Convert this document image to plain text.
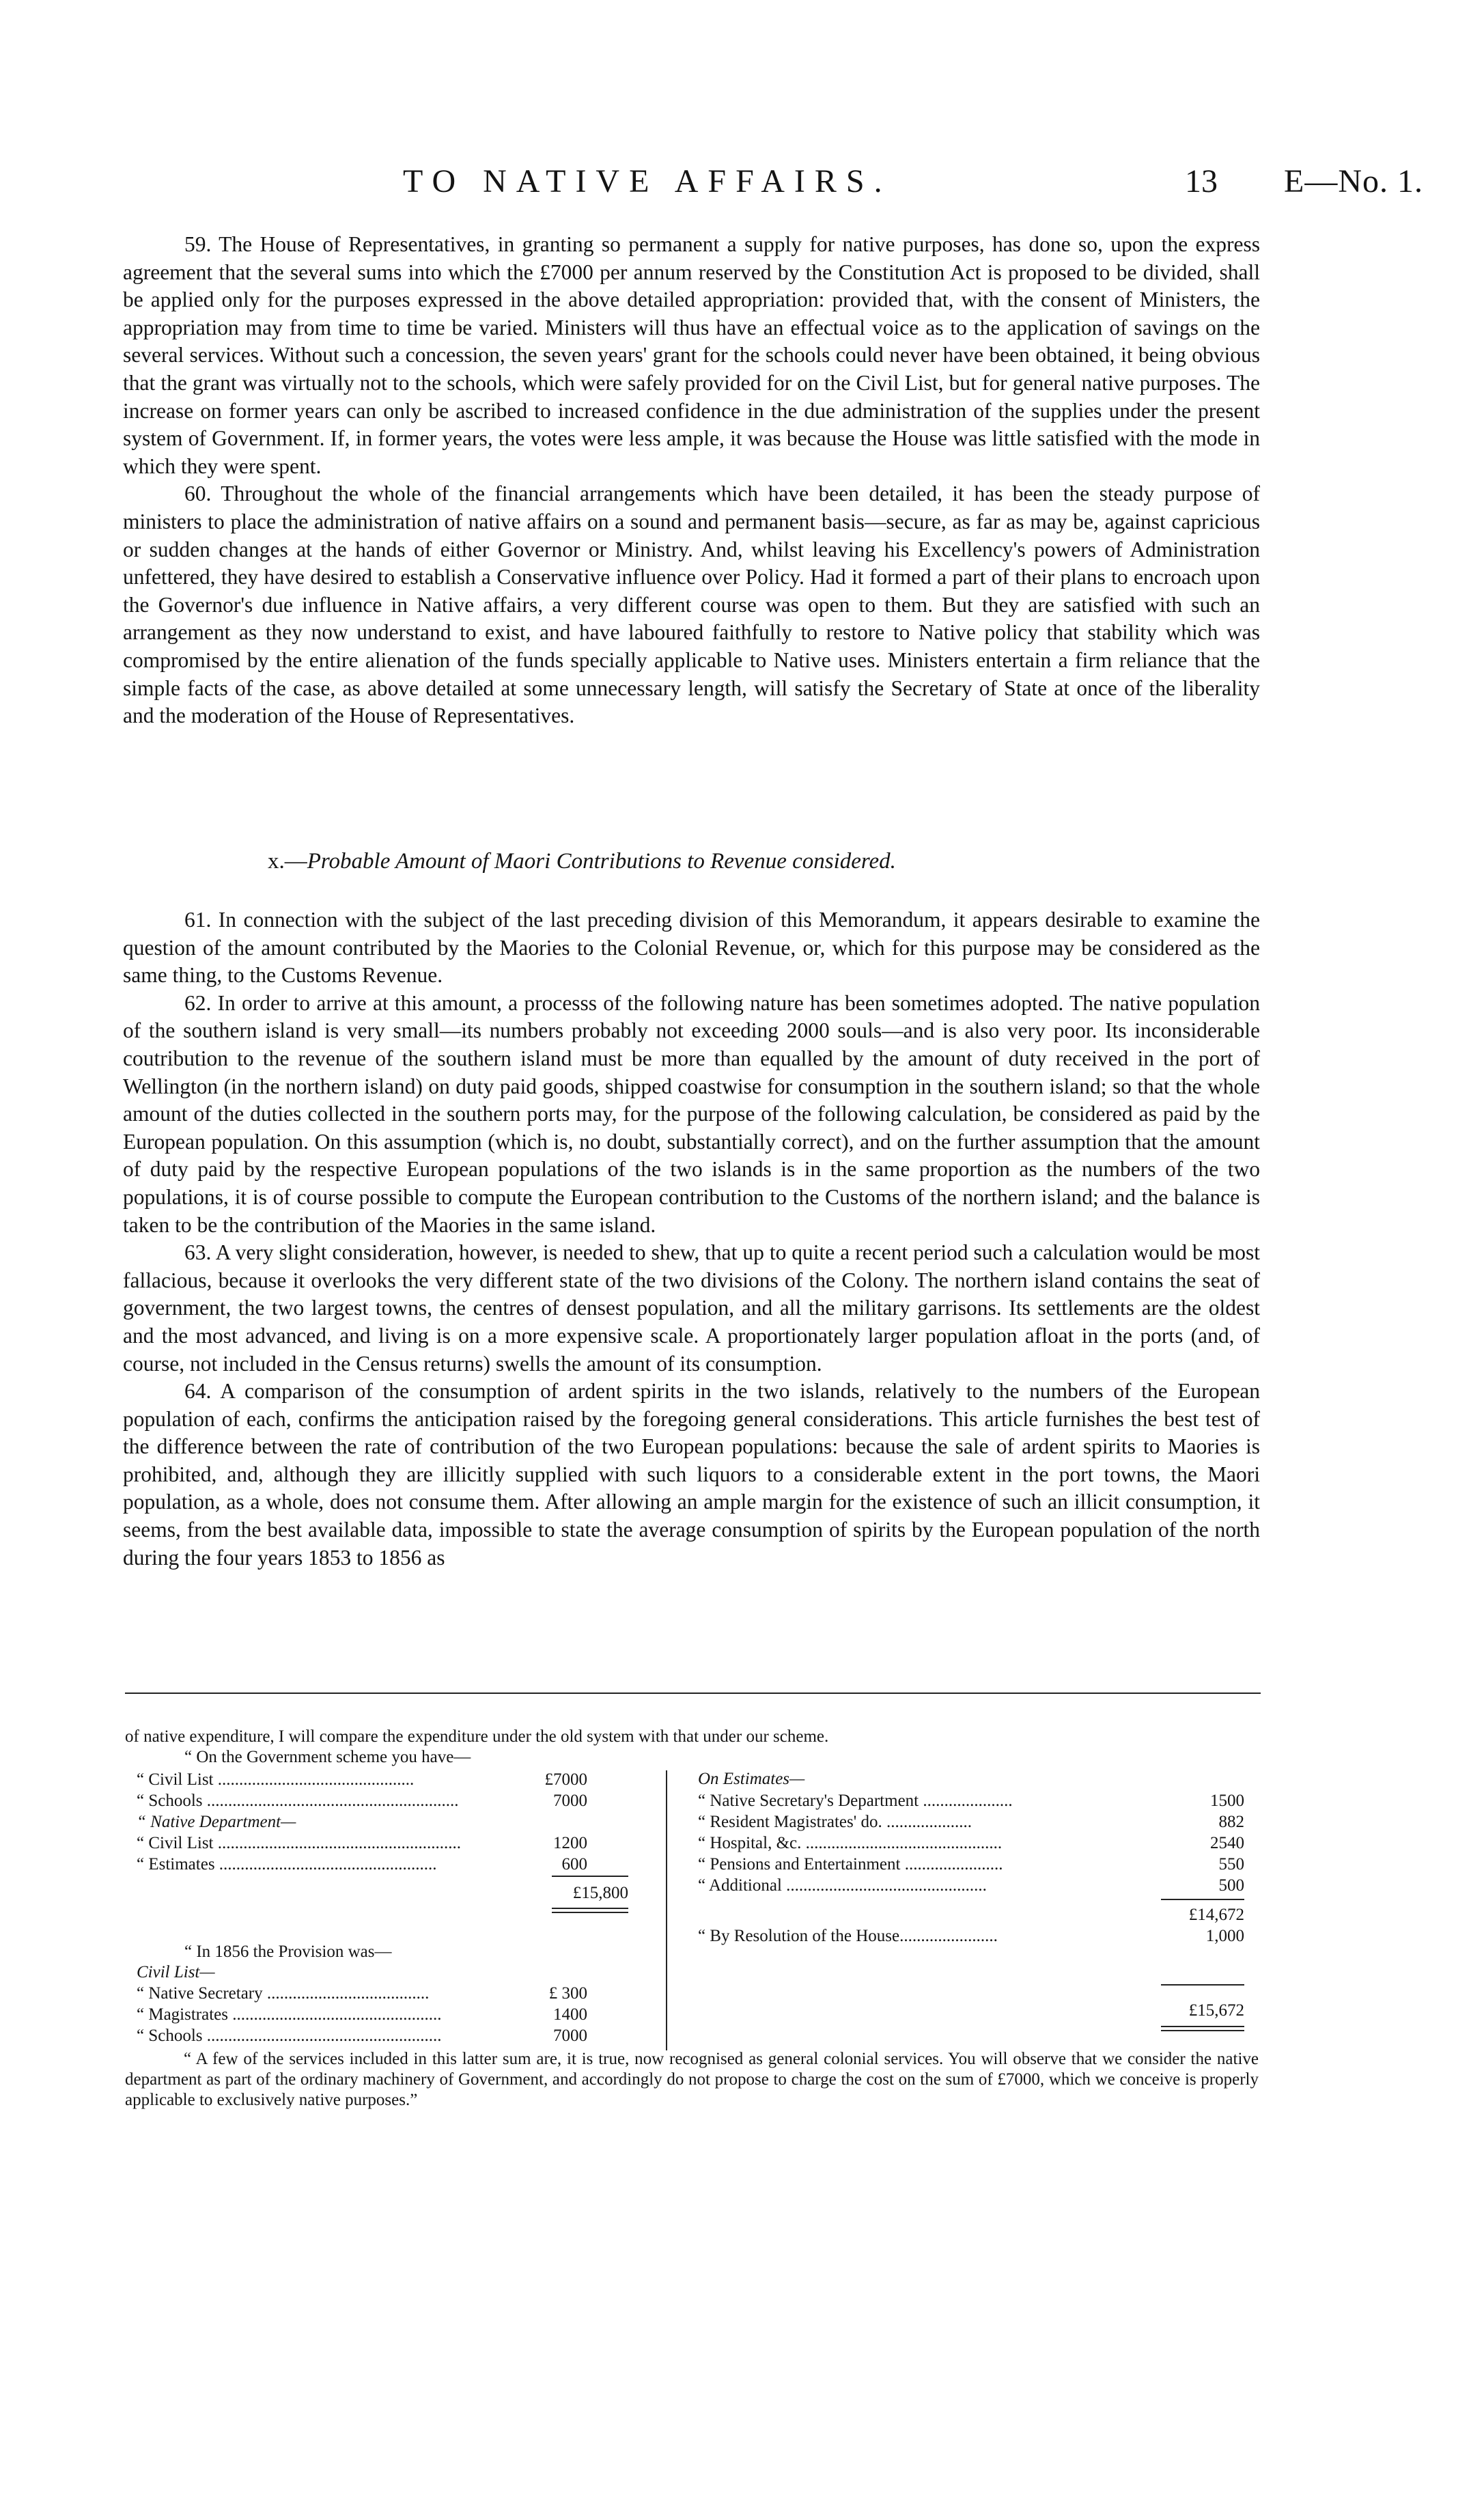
TO NATIVE AFFAIRS.	13 E—No. 1.

59. The House of Representatives, in granting so permanent a supply for native purposes, has done so, upon the express agreement that the several sums into which the £7000 per annum reserved by the Constitution Act is proposed to be divided, shall be applied only for the purposes expressed in the above detailed appropriation: provided that, with the consent of Ministers, the appropriation may from time to time be varied. Ministers will thus have an effectual voice as to the application of savings on the several services. Without such a concession, the seven years' grant for the schools could never have been obtained, it being obvious that the grant was virtually not to the schools, which were safely provided for on the Civil List, but for general native purposes. The increase on former years can only be ascribed to increased confidence in the due administration of the supplies under the present system of Government. If, in former years, the votes were less ample, it was because the House was little satisfied with the mode in which they were spent.

60. Throughout the whole of the financial arrangements which have been detailed, it has been the steady purpose of ministers to place the administration of native affairs on a sound and permanent basis—secure, as far as may be, against capricious or sudden changes at the hands of either Governor or Ministry. And, whilst leaving his Excellency's powers of Administration unfettered, they have desired to establish a Conservative influence over Policy. Had it formed a part of their plans to encroach upon the Governor's due influence in Native affairs, a very different course was open to them. But they are satisfied with such an arrangement as they now understand to exist, and have laboured faithfully to restore to Native policy that stability which was compromised by the entire alienation of the funds specially applicable to Native uses. Ministers entertain a firm reliance that the simple facts of the case, as above detailed at some unnecessary length, will satisfy the Secretary of State at once of the liberality and the moderation of the House of Representatives.

x.—Probable Amount of Maori Contributions to Revenue considered.

61. In connection with the subject of the last preceding division of this Memorandum, it appears desirable to examine the question of the amount contributed by the Maories to the Colonial Revenue, or, which for this purpose may be considered as the same thing, to the Customs Revenue.

62. In order to arrive at this amount, a processs of the following nature has been sometimes adopted. The native population of the southern island is very small—its numbers probably not exceeding 2000 souls—and is also very poor. Its inconsiderable coutribution to the revenue of the southern island must be more than equalled by the amount of duty received in the port of Wellington (in the northern island) on duty paid goods, shipped coastwise for consumption in the southern island; so that the whole amount of the duties collected in the southern ports may, for the purpose of the following calculation, be considered as paid by the European population. On this assumption (which is, no doubt, substantially correct), and on the further assumption that the amount of duty paid by the respective European populations of the two islands is in the same proportion as the numbers of the two populations, it is of course possible to compute the European contribution to the Customs of the northern island; and the balance is taken to be the contribution of the Maories in the same island.

63. A very slight consideration, however, is needed to shew, that up to quite a recent period such a calculation would be most fallacious, because it overlooks the very different state of the two divisions of the Colony. The northern island contains the seat of government, the two largest towns, the centres of densest population, and all the military garrisons. Its settlements are the oldest and the most advanced, and living is on a more expensive scale. A proportionately larger population afloat in the ports (and, of course, not included in the Census returns) swells the amount of its consumption.

64. A comparison of the consumption of ardent spirits in the two islands, relatively to the numbers of the European population of each, confirms the anticipation raised by the foregoing general considerations. This article furnishes the best test of the difference between the rate of contribution of the two European populations: because the sale of ardent spirits to Maories is prohibited, and, although they are illicitly supplied with such liquors to a considerable extent in the port towns, the Maori population, as a whole, does not consume them. After allowing an ample margin for the existence of such an illicit consumption, it seems, from the best available data, impossible to state the average consumption of spirits by the European population of the north during the four years 1853 to 1856 as

of native expenditure, I will compare the expenditure under the old system with that under our scheme.
“ On the Government scheme you have—
“ Civil List ..............................................	£7000
“ Schools ...........................................................	7000
“ Native Department—
“ Civil List .........................................................	1200
“ Estimates ...................................................	600
£15,800
“ In 1856 the Provision was—
Civil List—
“ Native Secretary ......................................	£ 300
“ Magistrates .................................................	1400
“ Schools .......................................................	7000
On Estimates—
“ Native Secretary's Department .....................	1500
“ Resident Magistrates' do. ....................	882
“ Hospital, &c. ..............................................	2540
“ Pensions and Entertainment .......................	550
“ Additional ...............................................	500
£14,672
“ By Resolution of the House.......................	1,000
£15,672
“ A few of the services included in this latter sum are, it is true, now recognised as general colonial services. You will observe that we consider the native department as part of the ordinary machinery of Government, and accordingly do not propose to charge the cost on the sum of £7000, which we conceive is properly applicable to exclusively native purposes.”
